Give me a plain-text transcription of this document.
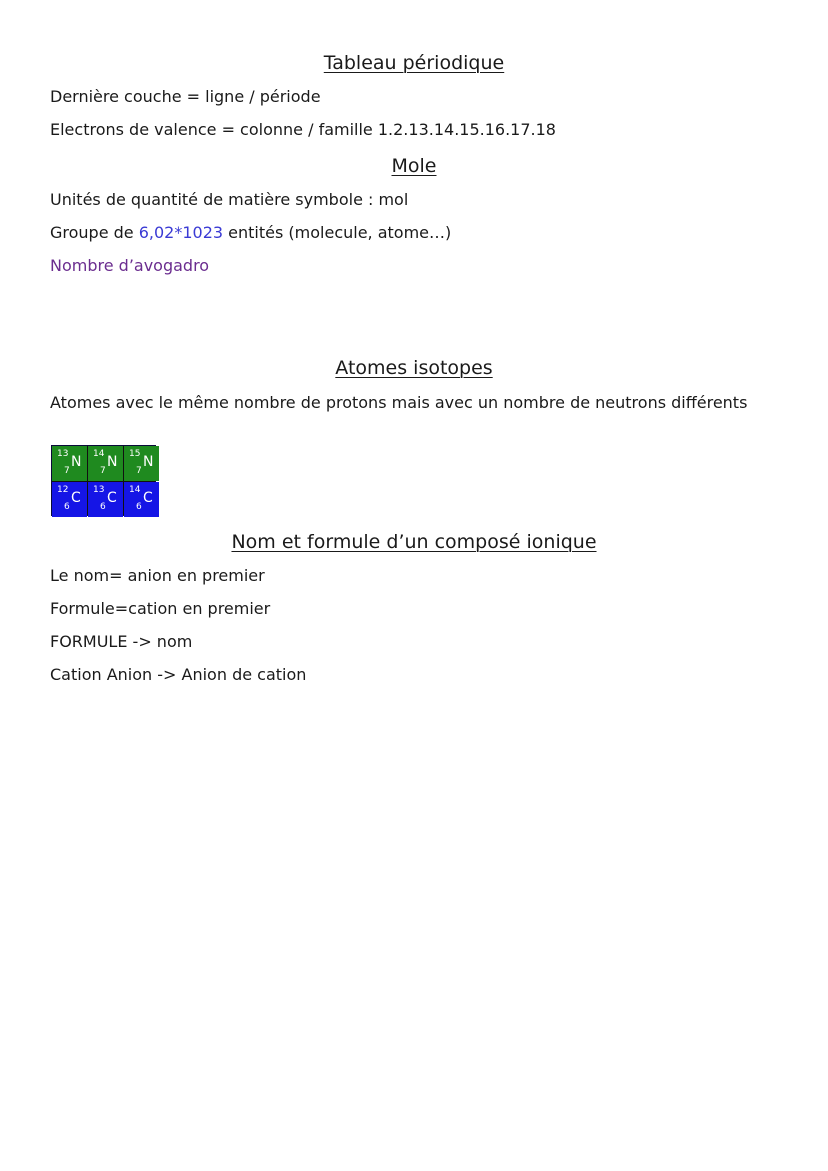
Tableau périodique
Dernière couche = ligne / période
Electrons de valence = colonne / famille 1.2.13.14.15.16.17.18
Mole
Unités de quantité de matière symbole : mol
Groupe de 6,02*1023 entités (molecule, atome…)
Nombre d’avogadro
Atomes isotopes
Atomes avec le même nombre de protons mais avec un nombre de neutrons différents
13
7
N 14
7
N 15
7
N
12
6
C 13
6
C 14
6
C
Nom et formule d’un composé ionique
Le nom= anion en premier
Formule=cation en premier
FORMULE -> nom
Cation Anion -> Anion de cation
